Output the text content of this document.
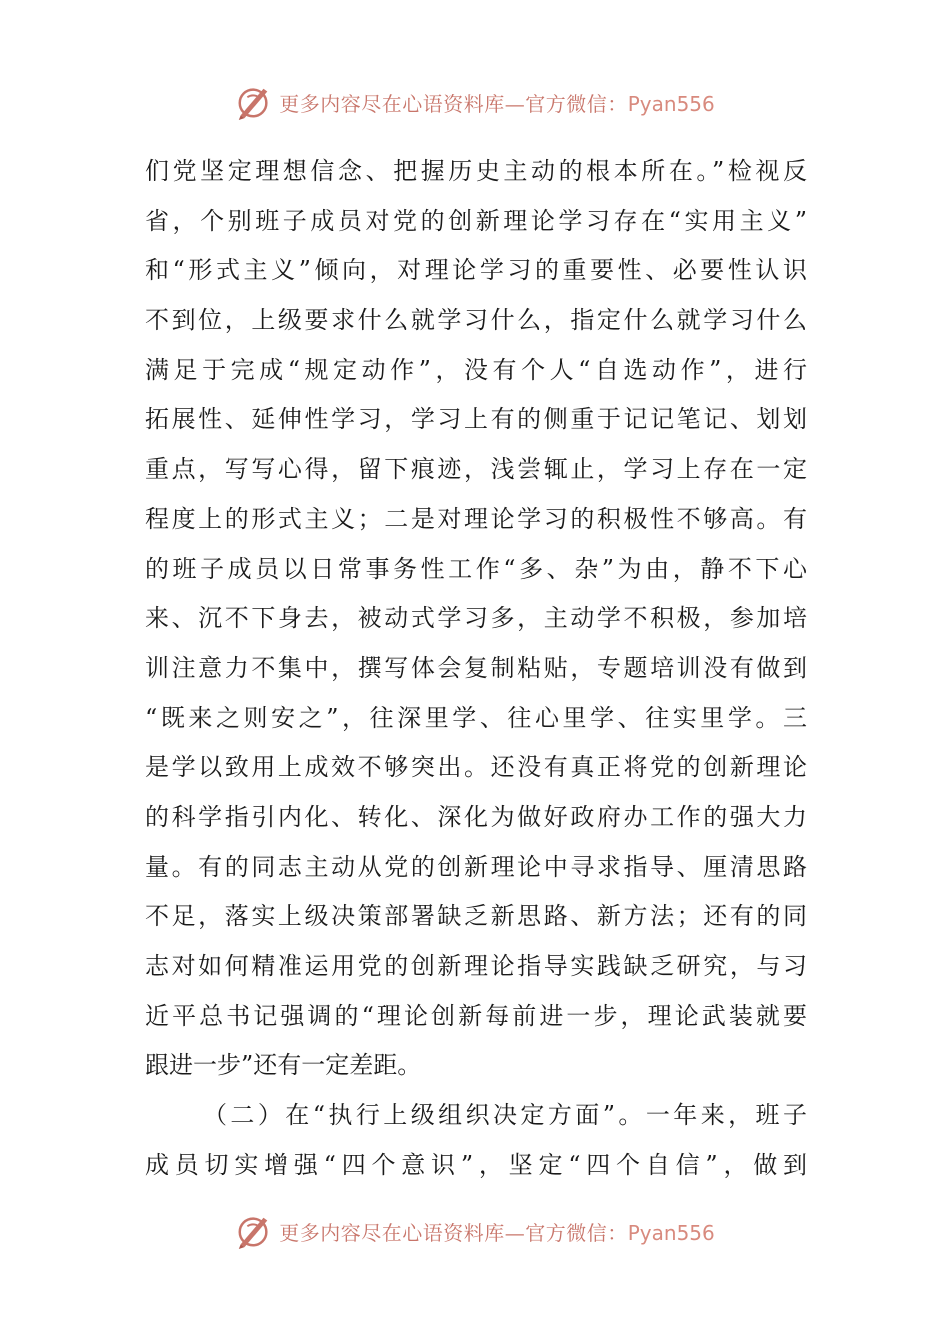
更多内容尽在心语资料库—官方微信：Pyan556
们党坚定理想信念、把握历史主动的根本所在。”检视反
省，个别班子成员对党的创新理论学习存在“实用主义”
和“形式主义”倾向，对理论学习的重要性、必要性认识
不到位，上级要求什么就学习什么，指定什么就学习什么
满足于完成“规定动作”，没有个人“自选动作”，进行
拓展性、延伸性学习，学习上有的侧重于记记笔记、划划
重点，写写心得，留下痕迹，浅尝辄止，学习上存在一定
程度上的形式主义；二是对理论学习的积极性不够高。有
的班子成员以日常事务性工作“多、杂”为由，静不下心
来、沉不下身去，被动式学习多，主动学不积极，参加培
训注意力不集中，撰写体会复制粘贴，专题培训没有做到
“既来之则安之”，往深里学、往心里学、往实里学。三
是学以致用上成效不够突出。还没有真正将党的创新理论
的科学指引内化、转化、深化为做好政府办工作的强大力
量。有的同志主动从党的创新理论中寻求指导、厘清思路
不足，落实上级决策部署缺乏新思路、新方法；还有的同
志对如何精准运用党的创新理论指导实践缺乏研究，与习
近平总书记强调的“理论创新每前进一步，理论武装就要
跟进一步”还有一定差距。
（二）在“执行上级组织决定方面”。一年来，班子
成员切实增强“四个意识”，坚定“四个自信”，做到
更多内容尽在心语资料库—官方微信：Pyan556
